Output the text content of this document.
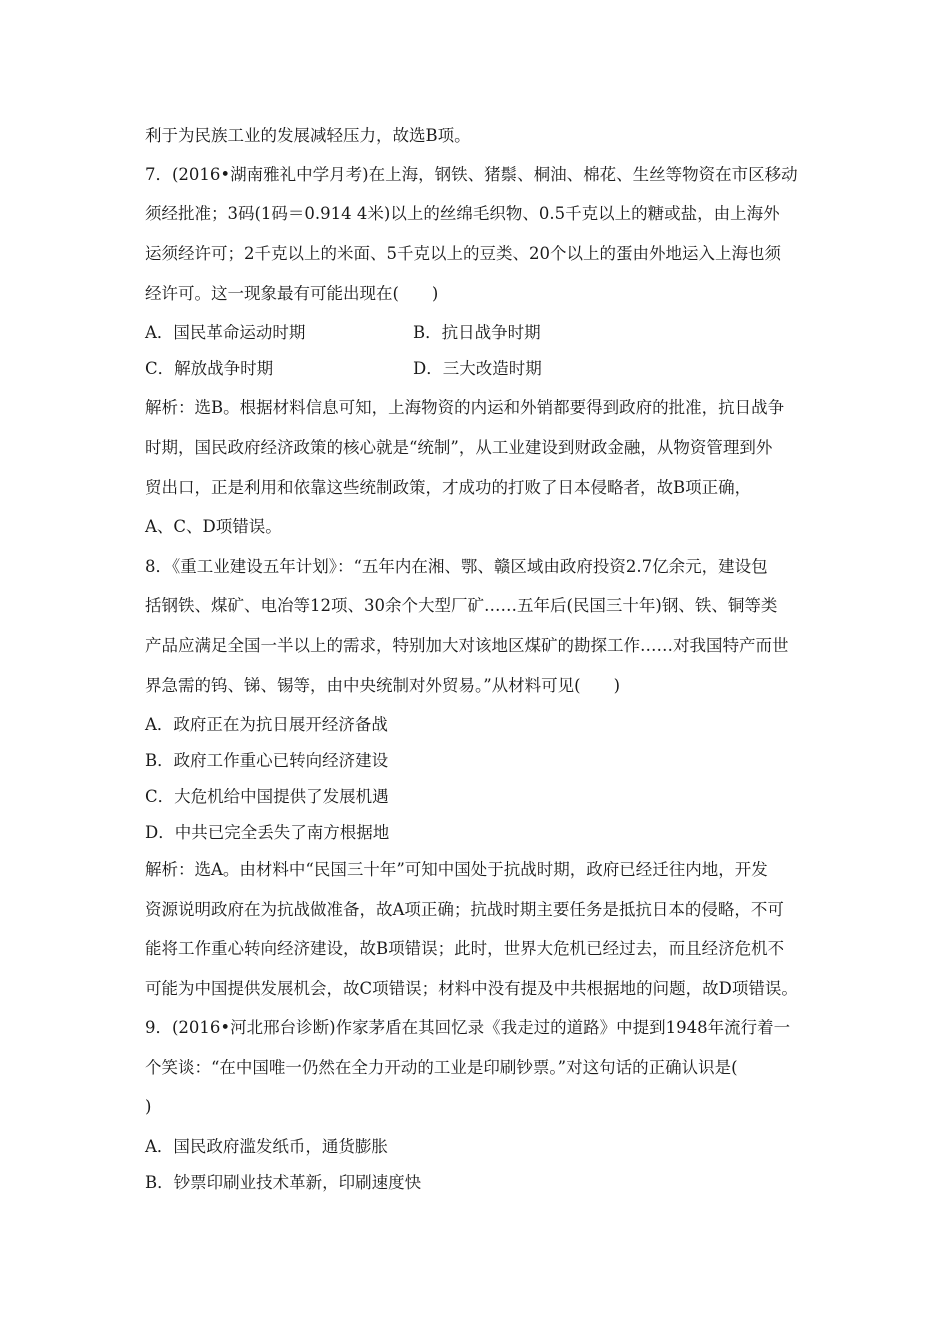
利于为民族工业的发展减轻压力，故选B项。
7．(2016•湖南雅礼中学月考)在上海，钢铁、猪鬃、桐油、棉花、生丝等物资在市区移动
须经批准；3码(1码＝0.914 4米)以上的丝绵毛织物、0.5千克以上的糖或盐，由上海外
运须经许可；2千克以上的米面、5千克以上的豆类、20个以上的蛋由外地运入上海也须
经许可。这一现象最有可能出现在(　　)
A．国民革命运动时期	B．抗日战争时期
C．解放战争时期	D．三大改造时期
解析：选B。根据材料信息可知，上海物资的内运和外销都要得到政府的批准，抗日战争
时期，国民政府经济政策的核心就是“统制”，从工业建设到财政金融，从物资管理到外
贸出口，正是利用和依靠这些统制政策，才成功的打败了日本侵略者，故B项正确，
A、C、D项错误。
8．《重工业建设五年计划》：“五年内在湘、鄂、赣区域由政府投资2.7亿余元，建设包
括钢铁、煤矿、电冶等12项、30余个大型厂矿……五年后(民国三十年)钢、铁、铜等类
产品应满足全国一半以上的需求，特别加大对该地区煤矿的勘探工作……对我国特产而世
界急需的钨、锑、锡等，由中央统制对外贸易。”从材料可见(　　)
A．政府正在为抗日展开经济备战
B．政府工作重心已转向经济建设
C．大危机给中国提供了发展机遇
D．中共已完全丢失了南方根据地
解析：选A。由材料中“民国三十年”可知中国处于抗战时期，政府已经迁往内地，开发
资源说明政府在为抗战做准备，故A项正确；抗战时期主要任务是抵抗日本的侵略，不可
能将工作重心转向经济建设，故B项错误；此时，世界大危机已经过去，而且经济危机不
可能为中国提供发展机会，故C项错误；材料中没有提及中共根据地的问题，故D项错误。
9．(2016•河北邢台诊断)作家茅盾在其回忆录《我走过的道路》中提到1948年流行着一
个笑谈：“在中国唯一仍然在全力开动的工业是印刷钞票。”对这句话的正确认识是(
)
A．国民政府滥发纸币，通货膨胀
B．钞票印刷业技术革新，印刷速度快
